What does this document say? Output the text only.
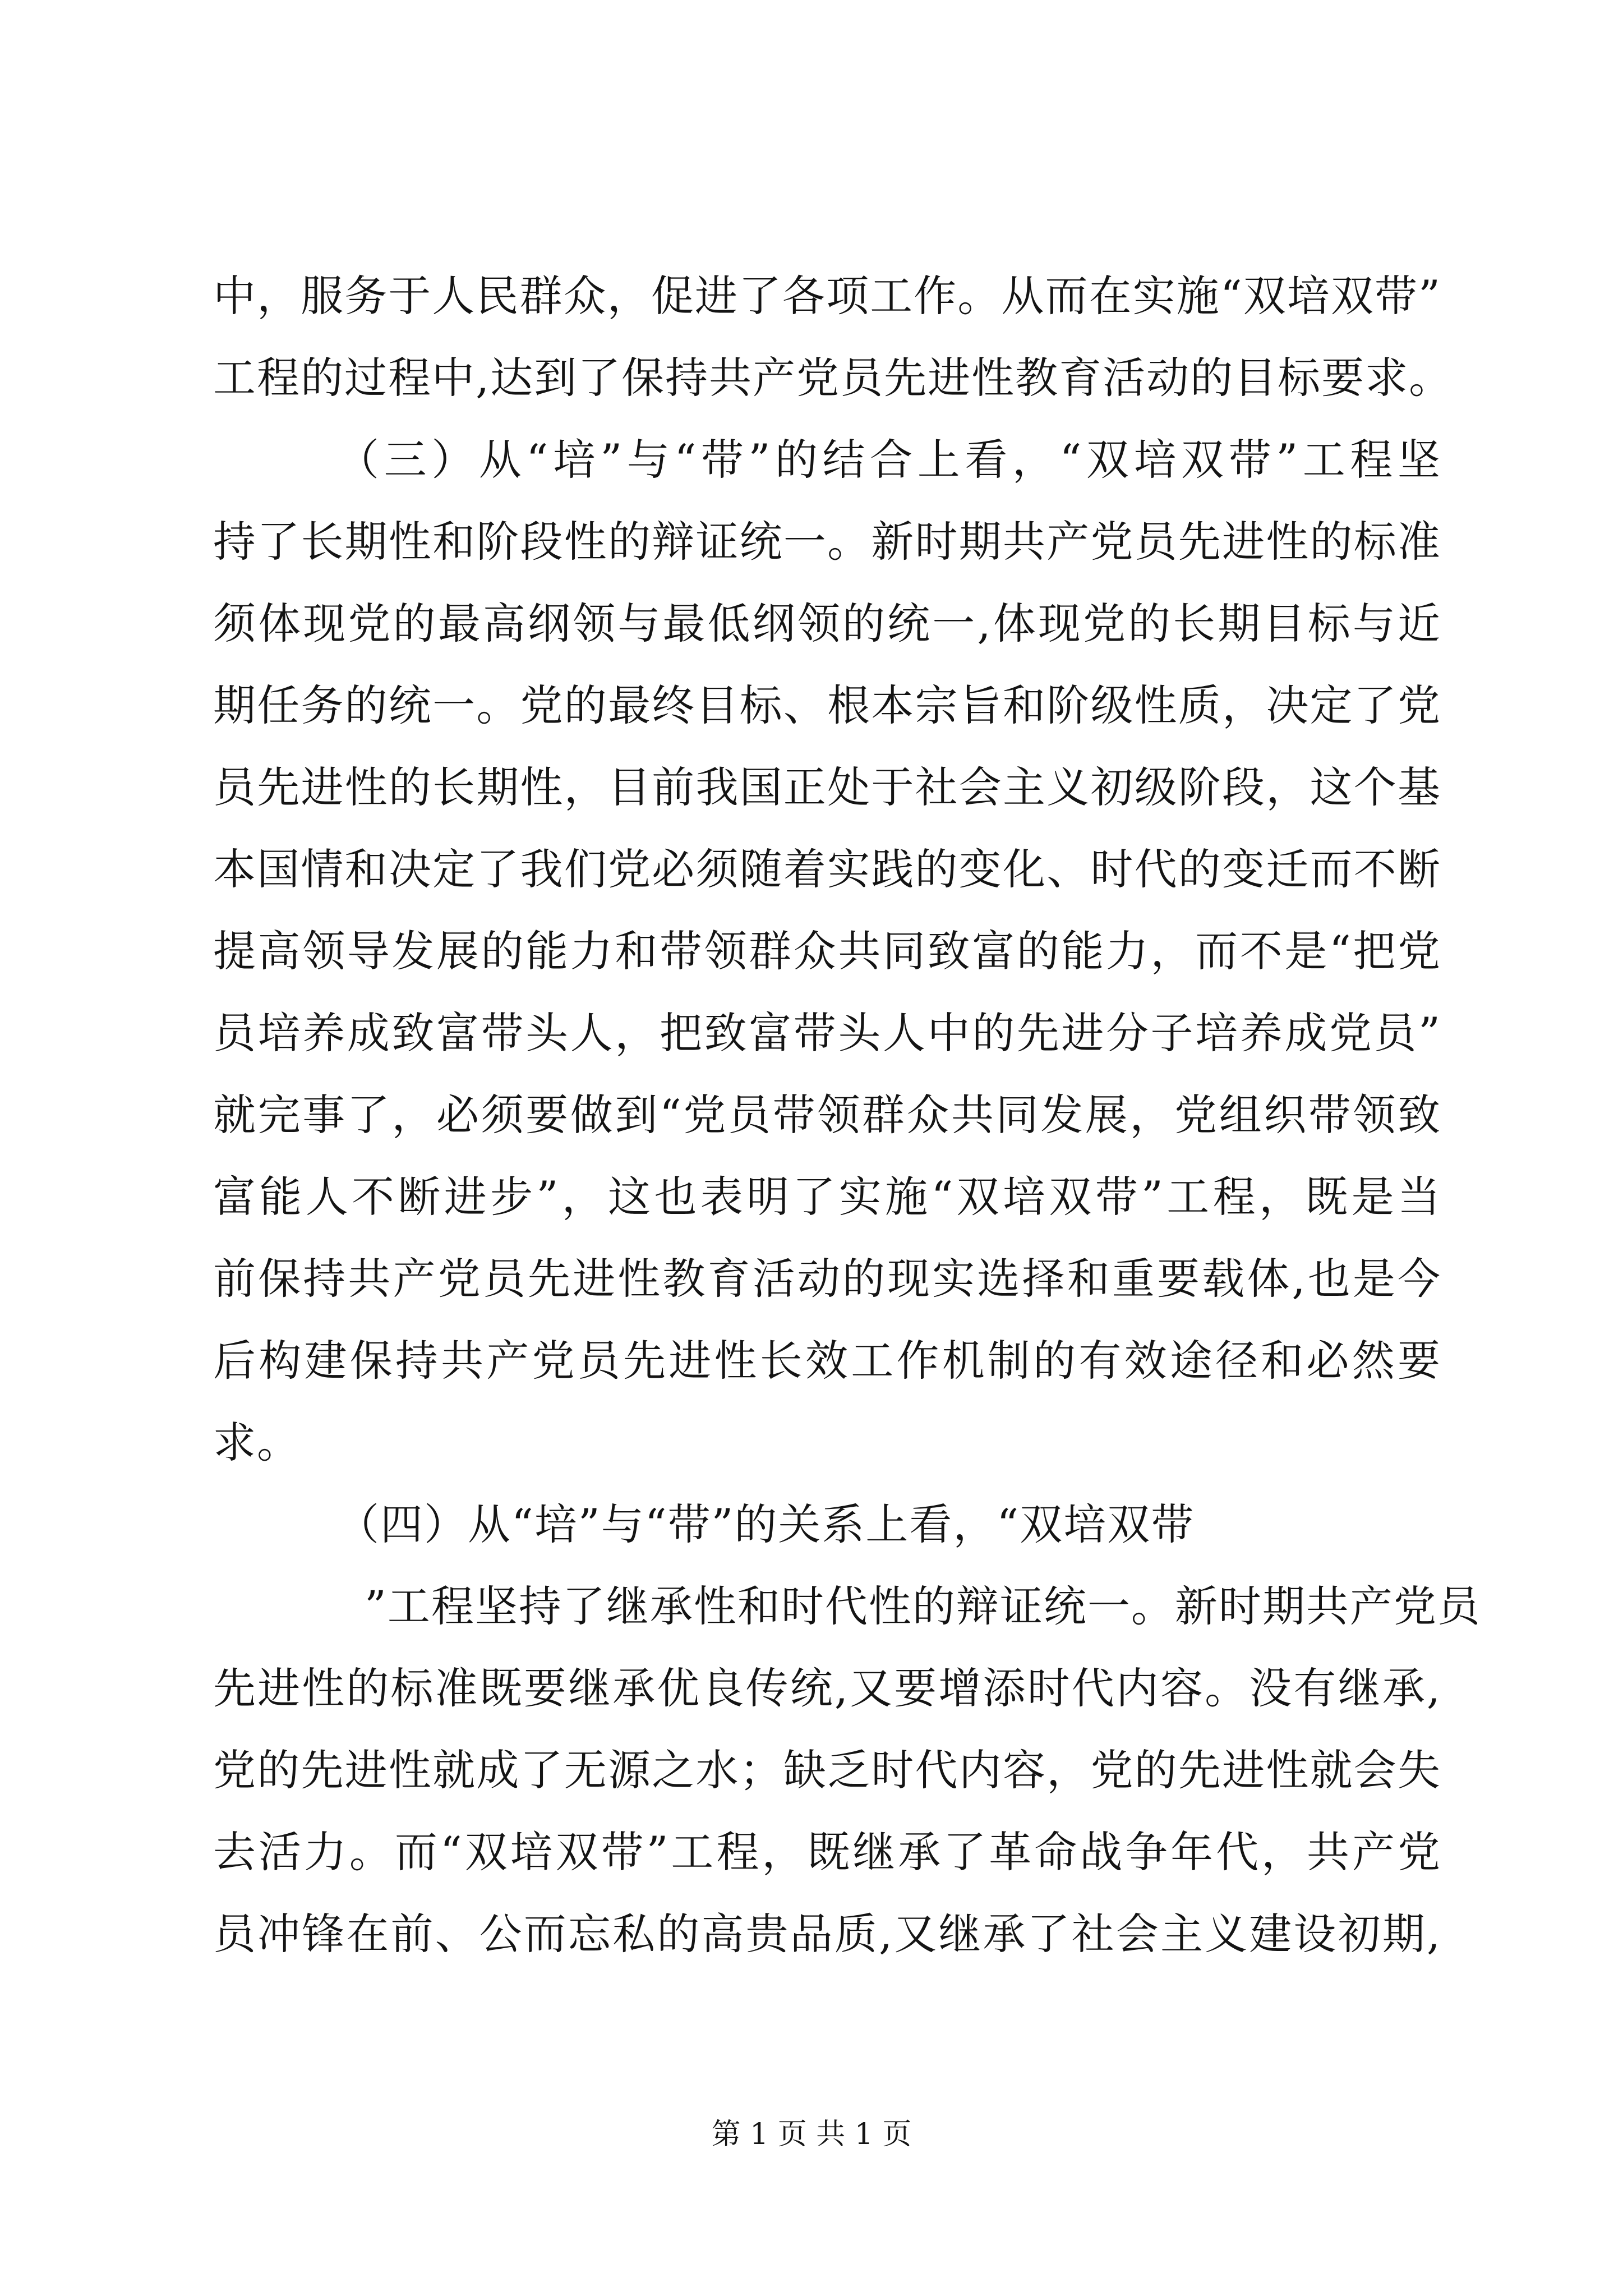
中，服务于人民群众，促进了各项工作。从而在实施“双培双带”
工程的过程中,达到了保持共产党员先进性教育活动的目标要求。
（三）从“培”与“带”的结合上看，“双培双带”工程坚
持了长期性和阶段性的辩证统一。新时期共产党员先进性的标准
须体现党的最高纲领与最低纲领的统一,体现党的长期目标与近
期任务的统一。党的最终目标、根本宗旨和阶级性质，决定了党
员先进性的长期性，目前我国正处于社会主义初级阶段，这个基
本国情和决定了我们党必须随着实践的变化、时代的变迁而不断
提高领导发展的能力和带领群众共同致富的能力，而不是“把党
员培养成致富带头人，把致富带头人中的先进分子培养成党员”
就完事了，必须要做到“党员带领群众共同发展，党组织带领致
富能人不断进步”，这也表明了实施“双培双带”工程，既是当
前保持共产党员先进性教育活动的现实选择和重要载体,也是今
后构建保持共产党员先进性长效工作机制的有效途径和必然要
求。
（四）从“培”与“带”的关系上看，“双培双带
”工程坚持了继承性和时代性的辩证统一。新时期共产党员
先进性的标准既要继承优良传统,又要增添时代内容。没有继承,
党的先进性就成了无源之水；缺乏时代内容，党的先进性就会失
去活力。而“双培双带”工程，既继承了革命战争年代，共产党
员冲锋在前、公而忘私的高贵品质,又继承了社会主义建设初期,
第 1 页 共 1 页
